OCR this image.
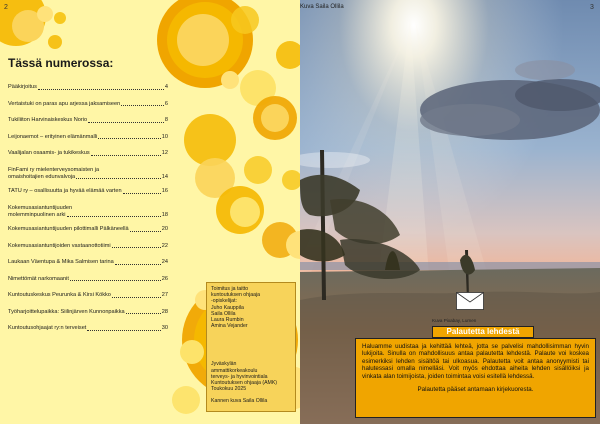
2
Tässä numerossa:
Pääkirjoitus	4
Vertaistuki on paras apu arjessa jaksamiseen	6
Tukiliiton Harvinaiskeskus Norio	8
Leijonaemot – erityinen elämänmalli	10
Vaalijalan osaamis- ja tukikeskus	12
FinFami ry mielenterveysomaisten ja
omaishoitajien edunvalvoja	14
TATU ry – osallisuutta ja hyvää elämää varten	16
Kokemusasiantuntijuuden
molemminpuolinen arki	18
Kokemusasiantuntijuuden pilottimalli Pälkäneellä	20
Kokemusasiantuntijoiden vastaanottotiimi	22
Laukaan Väentupa & Mika Salmisen tarina	24
Nimettömät narkomaanit	26
Kuntoutuskeskus Peurunka & Kirsi Kökko	27
Työharjoittelupaikka: Siilinjärven Kunnonpaikka	28
Kuntoutusohjaajat ry:n terveiset	30

Toimitus ja taitto

kuntoutuksen ohjaaja

-opiskelijat:

Juho Kauppila

Saila Ollila

Laura Rumbin

Amina Vejander

Jyväskylän

ammattikorkeakoulu

terveys- ja hyvinvointiala

Kuntoutuksen ohjaaja (AMK)

Toukokuu 2025

Kannen kuva Saila Ollila

Kuva Saila Ollila	3
Kuva Pixabay, Lumen
Palautetta lehdestä

Haluamme uudistaa ja kehittää lehteä, jotta se palvelisi mahdollisimman hyvin lukijoita. Sinulla on mahdollisuus antaa palautetta lehdestä. Palaute voi koskea esimerkiksi lehden sisältöä tai ulkoasua. Palautetta voit antaa anonyymisti tai halutessasi omalla nimelläsi. Voit myös ehdottaa aiheita lehden sisällöiksi ja vinkata alan toimijoista, joiden toimintaa voisi esitellä lehdessä.

Palautetta pääset antamaan kirjekuoresta.
